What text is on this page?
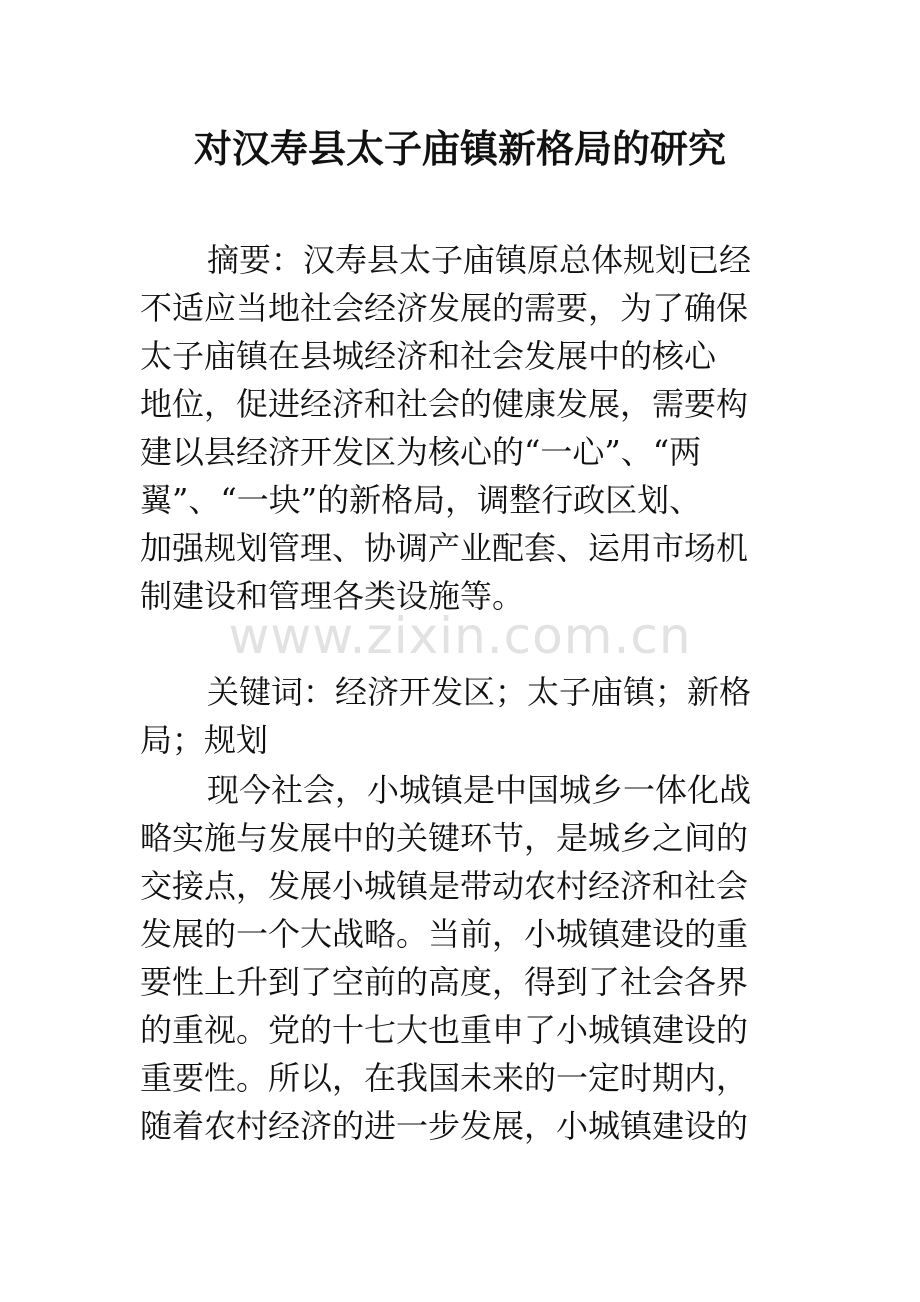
对汉寿县太子庙镇新格局的研究
摘要：汉寿县太子庙镇原总体规划已经
不适应当地社会经济发展的需要，为了确保
太子庙镇在县城经济和社会发展中的核心
地位，促进经济和社会的健康发展，需要构
建以县经济开发区为核心的“一心”、“两
翼”、“一块”的新格局，调整行政区划、
加强规划管理、协调产业配套、运用市场机
制建设和管理各类设施等。
www.zixin.com.cn
关键词：经济开发区；太子庙镇；新格
局；规划
现今社会，小城镇是中国城乡一体化战
略实施与发展中的关键环节，是城乡之间的
交接点，发展小城镇是带动农村经济和社会
发展的一个大战略。当前，小城镇建设的重
要性上升到了空前的高度，得到了社会各界
的重视。党的十七大也重申了小城镇建设的
重要性。所以，在我国未来的一定时期内，
随着农村经济的进一步发展，小城镇建设的
